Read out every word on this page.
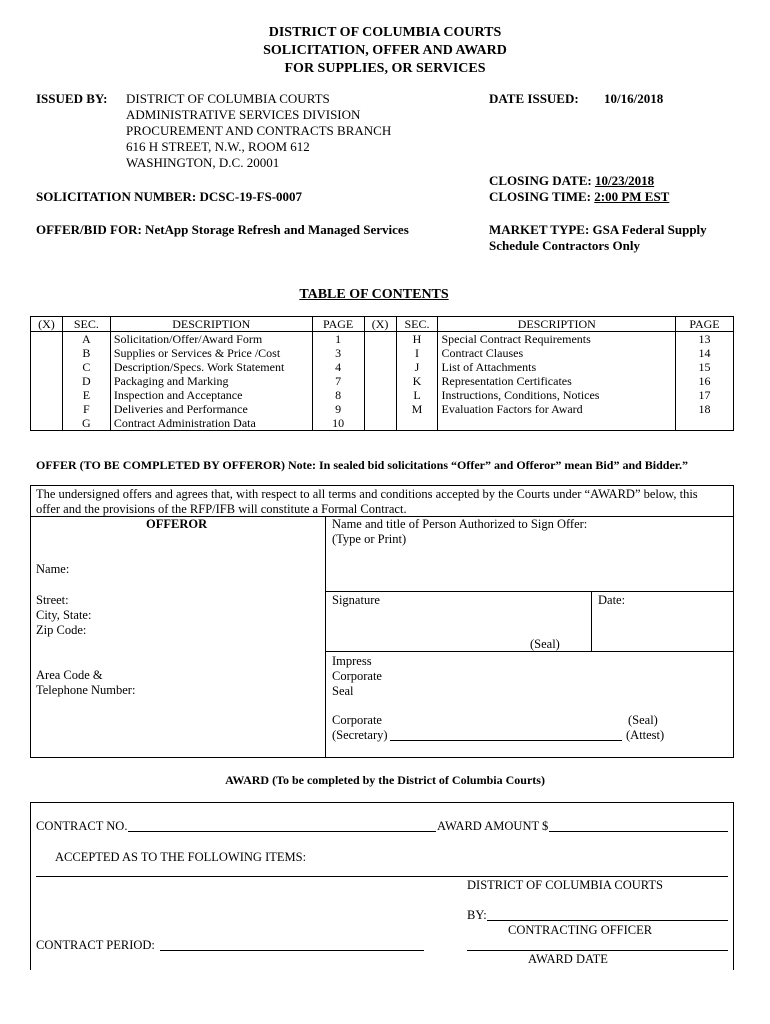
DISTRICT OF COLUMBIA COURTS
SOLICITATION, OFFER AND AWARD
FOR SUPPLIES, OR SERVICES
ISSUED BY: DISTRICT OF COLUMBIA COURTS
ADMINISTRATIVE SERVICES DIVISION
PROCUREMENT AND CONTRACTS BRANCH
616 H STREET, N.W., ROOM 612
WASHINGTON, D.C. 20001
DATE ISSUED: 10/16/2018
CLOSING DATE: 10/23/2018
CLOSING TIME: 2:00 PM EST
SOLICITATION NUMBER: DCSC-19-FS-0007
OFFER/BID FOR: NetApp Storage Refresh and Managed Services	MARKET TYPE: GSA Federal Supply
Schedule Contractors Only
TABLE OF CONTENTS
(X)	SEC.	DESCRIPTION	PAGE	(X)	SEC.	DESCRIPTION	PAGE
	A	Solicitation/Offer/Award Form	1		H	Special Contract Requirements	13
	B	Supplies or Services & Price /Cost	3		I	Contract Clauses	14
	C	Description/Specs. Work Statement	4		J	List of Attachments	15
	D	Packaging and Marking	7		K	Representation Certificates	16
	E	Inspection and Acceptance	8		L	Instructions, Conditions, Notices	17
	F	Deliveries and Performance	9		M	Evaluation Factors for Award	18
	G	Contract Administration Data	10				
OFFER (TO BE COMPLETED BY OFFEROR) Note: In sealed bid solicitations “Offer” and Offeror” mean Bid” and Bidder.”
The undersigned offers and agrees that, with respect to all terms and conditions accepted by the Courts under “AWARD” below, this
offer and the provisions of the RFP/IFB will constitute a Formal Contract.
OFFEROR
Name:
Street:
City, State:
Zip Code:
Area Code &
Telephone Number:
Name and title of Person Authorized to Sign Offer:
(Type or Print)
Signature
(Seal)
Date:
Impress
Corporate
Seal
Corporate
(Secretary)
(Seal)
(Attest)
AWARD (To be completed by the District of Columbia Courts)
CONTRACT NO.	AWARD AMOUNT $
ACCEPTED AS TO THE FOLLOWING ITEMS:
DISTRICT OF COLUMBIA COURTS
BY:
CONTRACTING OFFICER
CONTRACT PERIOD:
AWARD DATE
